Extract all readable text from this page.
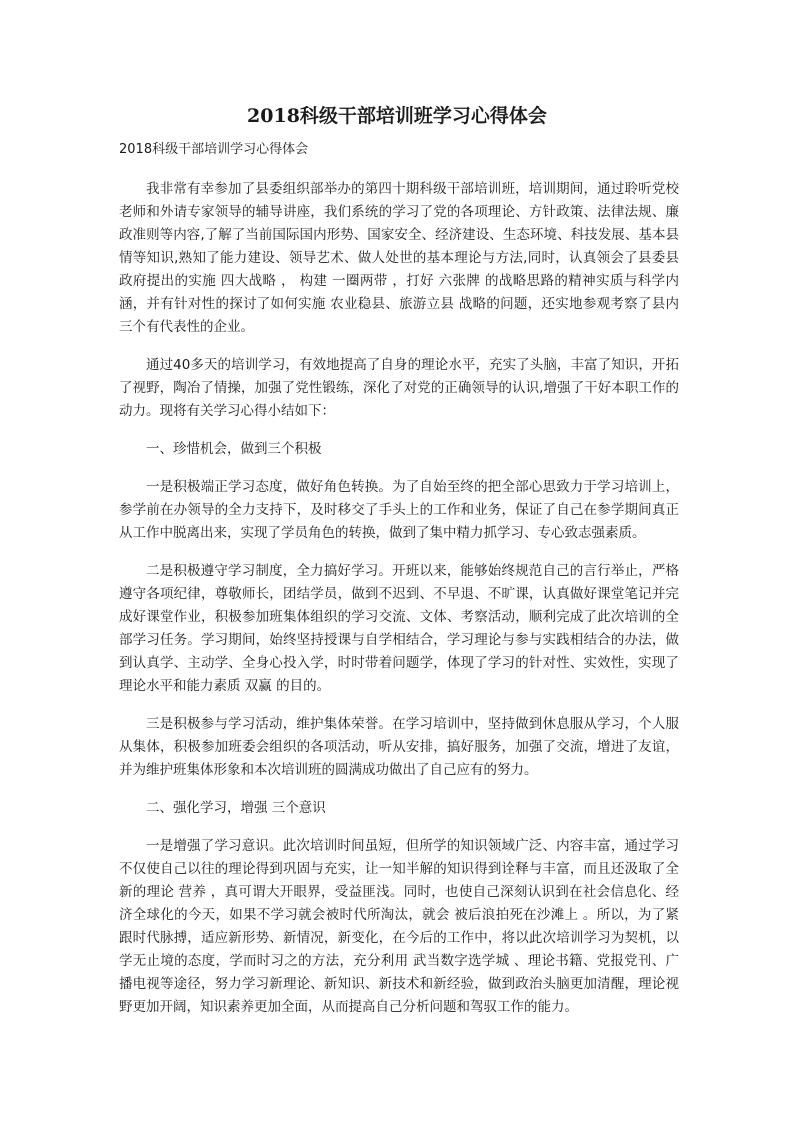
2018科级干部培训班学习心得体会

2018科级干部培训学习心得体会

我非常有幸参加了县委组织部举办的第四十期科级干部培训班，培训期间，通过聆听党校老师和外请专家领导的辅导讲座，我们系统的学习了党的各项理论、方针政策、法律法规、廉政准则等内容,了解了当前国际国内形势、国家安全、经济建设、生态环境、科技发展、基本县情等知识,熟知了能力建设、领导艺术、做人处世的基本理论与方法,同时，认真领会了县委县政府提出的实施 四大战略 ， 构建 一圈两带 ，打好 六张牌 的战略思路的精神实质与科学内涵，并有针对性的探讨了如何实施 农业稳县、旅游立县 战略的问题，还实地参观考察了县内三个有代表性的企业。

通过40多天的培训学习，有效地提高了自身的理论水平，充实了头脑，丰富了知识，开拓了视野，陶冶了情操，加强了党性锻练，深化了对党的正确领导的认识,增强了干好本职工作的动力。现将有关学习心得小结如下：

一、珍惜机会，做到三个积极

一是积极端正学习态度，做好角色转换。为了自始至终的把全部心思致力于学习培训上，参学前在办领导的全力支持下，及时移交了手头上的工作和业务，保证了自己在参学期间真正从工作中脱离出来，实现了学员角色的转换，做到了集中精力抓学习、专心致志强素质。

二是积极遵守学习制度，全力搞好学习。开班以来，能够始终规范自己的言行举止，严格遵守各项纪律，尊敬师长，团结学员，做到不迟到、不早退、不旷课，认真做好课堂笔记并完成好课堂作业，积极参加班集体组织的学习交流、文体、考察活动，顺利完成了此次培训的全部学习任务。学习期间，始终坚持授课与自学相结合，学习理论与参与实践相结合的办法，做到认真学、主动学、全身心投入学，时时带着问题学，体现了学习的针对性、实效性，实现了理论水平和能力素质 双赢 的目的。

三是积极参与学习活动，维护集体荣誉。在学习培训中，坚持做到休息服从学习，个人服从集体，积极参加班委会组织的各项活动，听从安排，搞好服务，加强了交流，增进了友谊，并为维护班集体形象和本次培训班的圆满成功做出了自己应有的努力。

二、强化学习，增强 三个意识

一是增强了学习意识。此次培训时间虽短，但所学的知识领域广泛、内容丰富，通过学习不仅使自己以往的理论得到巩固与充实，让一知半解的知识得到诠释与丰富，而且还汲取了全新的理论 营养 ，真可谓大开眼界，受益匪浅。同时，也使自己深刻认识到在社会信息化、经济全球化的今天，如果不学习就会被时代所淘汰，就会 被后浪拍死在沙滩上 。所以，为了紧跟时代脉搏，适应新形势、新情况，新变化，在今后的工作中，将以此次培训学习为契机，以学无止境的态度，学而时习之的方法，充分利用 武当数字选学城 、理论书籍、党报党刊、广播电视等途径，努力学习新理论、新知识、新技术和新经验，做到政治头脑更加清醒，理论视野更加开阔，知识素养更加全面，从而提高自己分析问题和驾驭工作的能力。
